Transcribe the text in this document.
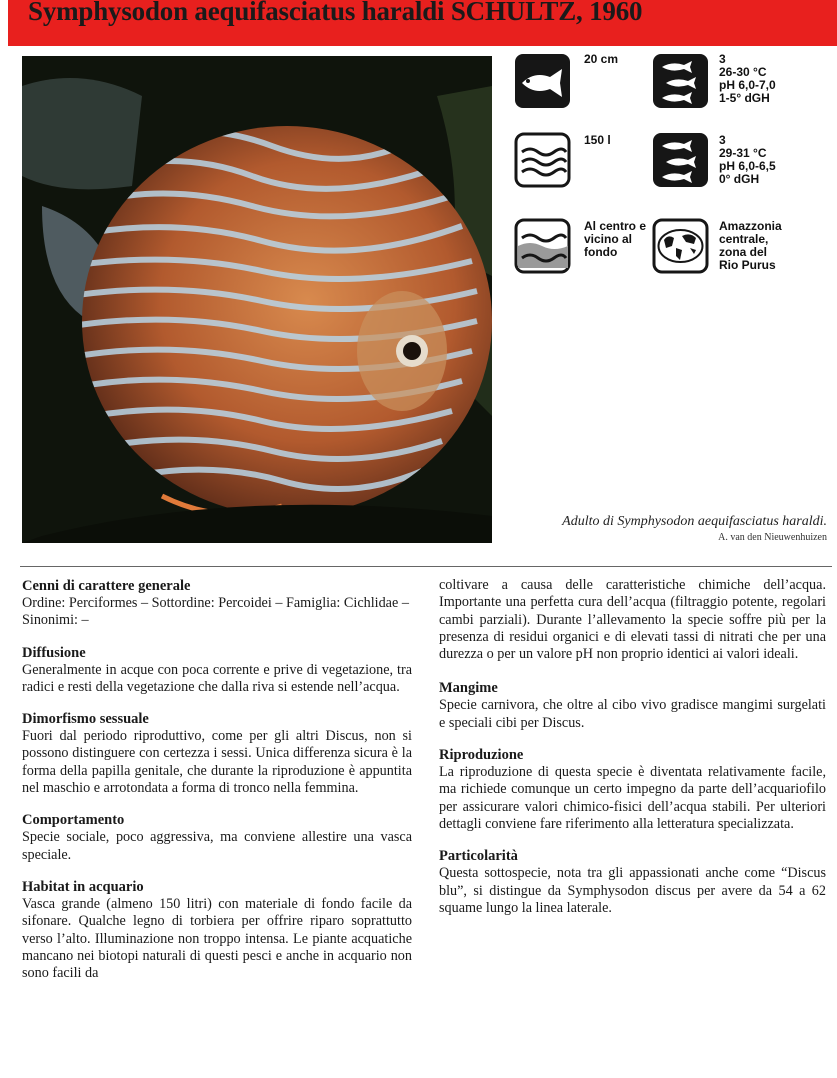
Symphysodon aequifasciatus haraldi SCHULTZ, 1960
20 cm	3
26-30 °C
pH 6,0-7,0
1-5° dGH
150 l	3
29-31 °C
pH 6,0-6,5
0° dGH
Al centro e
vicino al
fondo
Amazzonia
centrale,
zona del
Rio Purus
Adulto di Symphysodon aequifasciatus haraldi.
A. van den Nieuwenhuizen
Cenni di carattere generale

Ordine: Perciformes – Sottordine: Percoidei – Famiglia: Cichlidae – Sinonimi: –

Diffusione

Generalmente in acque con poca corrente e prive di vegetazione, tra radici e resti della vegetazione che dalla riva si estende nell’acqua.

Dimorfismo sessuale

Fuori dal periodo riproduttivo, come per gli altri Discus, non si possono distinguere con certezza i sessi. Unica differenza sicura è la forma della papilla genitale, che durante la riproduzione è appuntita nel maschio e arrotondata a forma di tronco nella femmina.

Comportamento

Specie sociale, poco aggressiva, ma conviene allestire una vasca speciale.

Habitat in acquario

Vasca grande (almeno 150 litri) con materiale di fondo facile da sifonare. Qualche legno di torbiera per offrire riparo soprattutto verso l’alto. Illuminazione non troppo intensa. Le piante acquatiche mancano nei biotopi naturali di questi pesci e anche in acquario non sono facili da

coltivare a causa delle caratteristiche chimiche dell’acqua. Importante una perfetta cura dell’acqua (filtraggio potente, regolari cambi parziali). Durante l’allevamento la specie soffre più per la presenza di residui organici e di elevati tassi di nitrati che per una durezza o per un valore pH non proprio identici ai valori ideali.

Mangime

Specie carnivora, che oltre al cibo vivo gradisce mangimi surgelati e speciali cibi per Discus.

Riproduzione

La riproduzione di questa specie è diventata relativamente facile, ma richiede comunque un certo impegno da parte dell’acquariofilo per assicurare valori chimico-fisici dell’acqua stabili. Per ulteriori dettagli conviene fare riferimento alla letteratura specializzata.

Particolarità

Questa sottospecie, nota tra gli appassionati anche come “Discus blu”, si distingue da Symphysodon discus per avere da 54 a 62 squame lungo la linea laterale.
